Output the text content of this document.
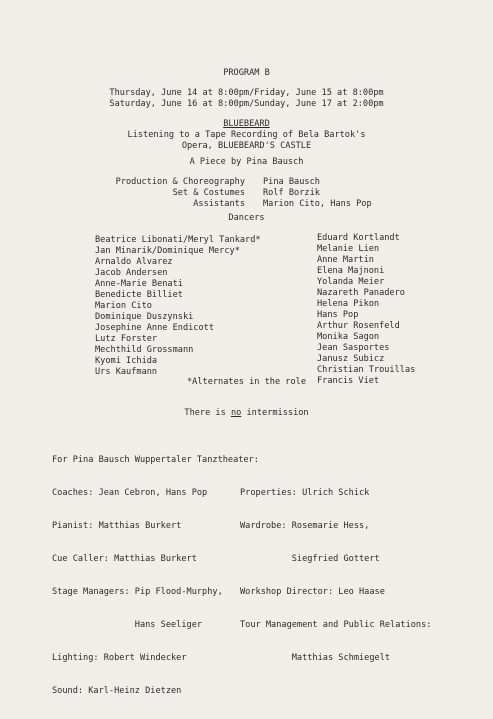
PROGRAM B
Thursday, June 14 at 8:00pm/Friday, June 15 at 8:00pm
Saturday, June 16 at 8:00pm/Sunday, June 17 at 2:00pm
BLUEBEARD
Listening to a Tape Recording of Bela Bartok's
Opera, BLUEBEARD'S CASTLE
A Piece by Pina Bausch
Production & Choreography
Set & Costumes
Assistants
Pina Bausch
Rolf Borzik
Marion Cito, Hans Pop
Dancers
Beatrice Libonati/Meryl Tankard*
Jan Minarik/Dominique Mercy*
Arnaldo Alvarez
Jacob Andersen
Anne-Marie Benati
Benedicte Billiet
Marion Cito
Dominique Duszynski
Josephine Anne Endicott
Lutz Forster
Mechthild Grossmann
Kyomi Ichida
Urs Kaufmann
Eduard Kortlandt
Melanie Lien
Anne Martin
Elena Majnoni
Yolanda Meier
Nazareth Panadero
Helena Pikon
Hans Pop
Arthur Rosenfeld
Monika Sagon
Jean Sasportes
Janusz Subicz
Christian Trouillas
Francis Viet
*Alternates in the role
There is no intermission
For Pina Bausch Wuppertaler Tanztheater:

Coaches: Jean Cebron, Hans Pop

Pianist: Matthias Burkert

Cue Caller: Matthias Burkert

Stage Managers: Pip Flood-Murphy,

Hans Seeliger

Lighting: Robert Windecker

Sound: Karl-Heinz Dietzen

Properties: Ulrich Schick

Wardrobe: Rosemarie Hess,

Siegfried Gottert

Workshop Director: Leo Haase

Tour Management and Public Relations:

Matthias Schmiegelt
